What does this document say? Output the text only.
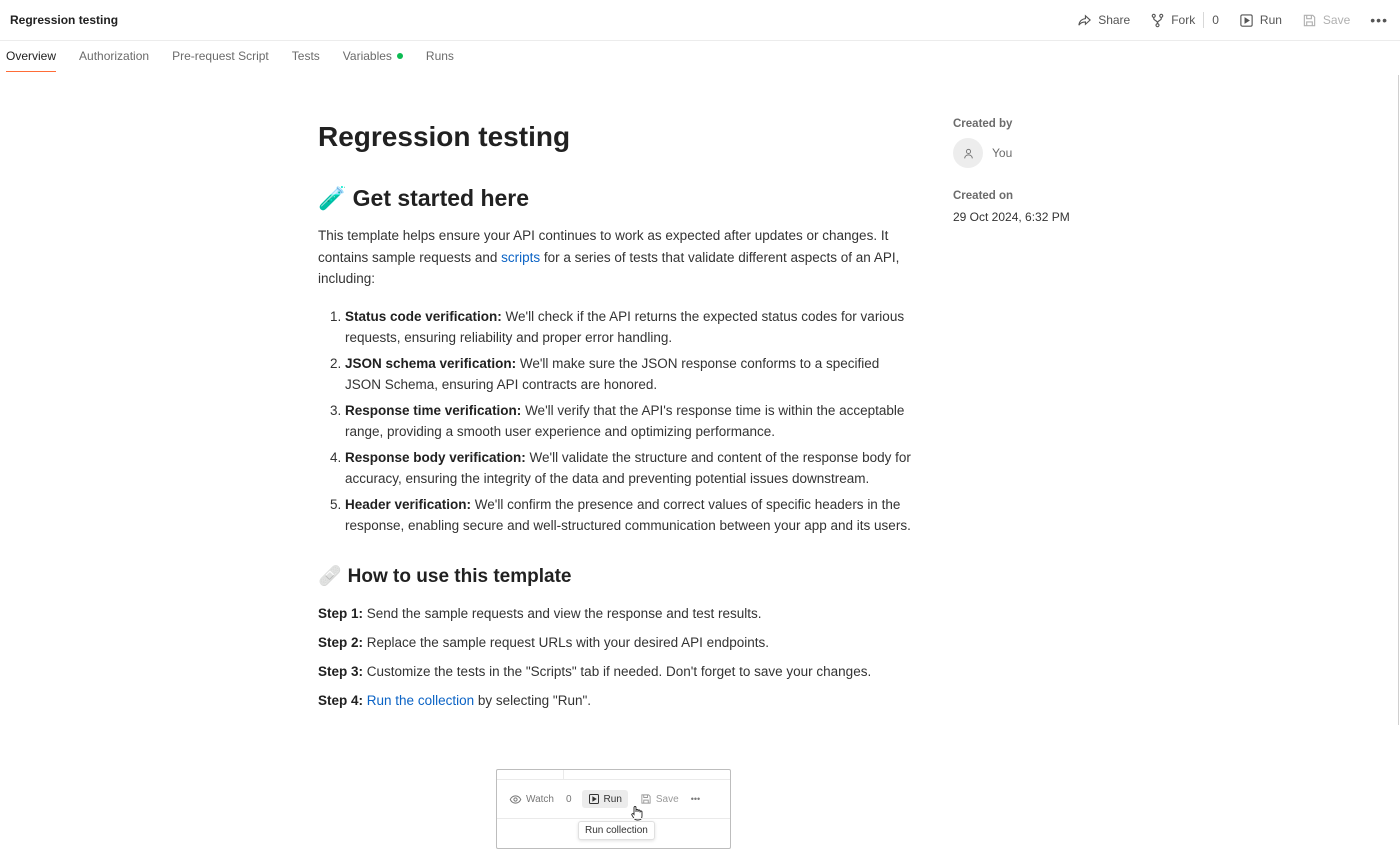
Regression testing	Share	Fork	0	Run	Save	•••
Overview Authorization Pre-request Script Tests Variables	Runs
Regression testing
🧪 Get started here

This template helps ensure your API continues to work as expected after updates or changes. It contains sample requests and scripts for a series of tests that validate different aspects of an API, including:

1. Status code verification: We'll check if the API returns the expected status codes for various requests, ensuring reliability and proper error handling.
2. JSON schema verification: We'll make sure the JSON response conforms to a specified JSON Schema, ensuring API contracts are honored.
3. Response time verification: We'll verify that the API's response time is within the acceptable range, providing a smooth user experience and optimizing performance.
4. Response body verification: We'll validate the structure and content of the response body for accuracy, ensuring the integrity of the data and preventing potential issues downstream.
5. Header verification: We'll confirm the presence and correct values of specific headers in the response, enabling secure and well-structured communication between your app and its users.
🩹 How to use this template

Step 1: Send the sample requests and view the response and test results.

Step 2: Replace the sample request URLs with your desired API endpoints.

Step 3: Customize the tests in the "Scripts" tab if needed. Don't forget to save your changes.

Step 4: Run the collection by selecting "Run".

Watch 0	Run	Save •••
Run collection
Created by
You
Created on
29 Oct 2024, 6:32 PM
